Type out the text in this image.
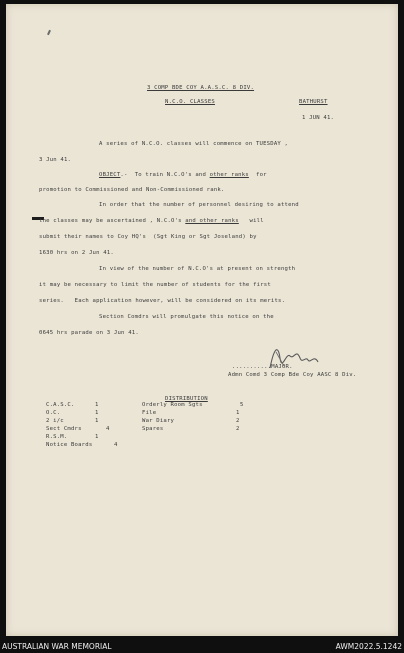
3 COMP BDE COY A.A.S.C. 8 DIV.
N.C.O. CLASSES	BATHURST
1 JUN 41.
A series of N.C.O. classes will commence on TUESDAY ,
3 Jun 41.
OBJECT.-  To train N.C.O's and other ranks  for
promotion to Commissioned and Non-Commissioned rank.
In order that the number of personnel desiring to attend
the classes may be ascertained , N.C.O's and other ranks   will
submit their names to Coy HQ's  (Sgt King or Sgt Joseland) by
1630 hrs on 2 Jun 41.
In view of the number of N.C.O's at present on strength
it may be necessary to limit the number of students for the first
series.   Each application however, will be considered on its merits.
Section Comdrs will promulgate this notice on the
0645 hrs parade on 3 Jun 41.
...........MAJOR.
Admn Comd 3 Comp Bde Coy AASC 8 Div.
DISTRIBUTION
C.A.S.C.	1
O.C.	1
2 i/c	1
Sect Cmdrs	4
R.S.M.	1
Notice Boards	4
Orderly Room Sgts	5
File	1
War Diary	2
Spares	2
AUSTRALIAN WAR MEMORIAL	AWM2022.5.1242
